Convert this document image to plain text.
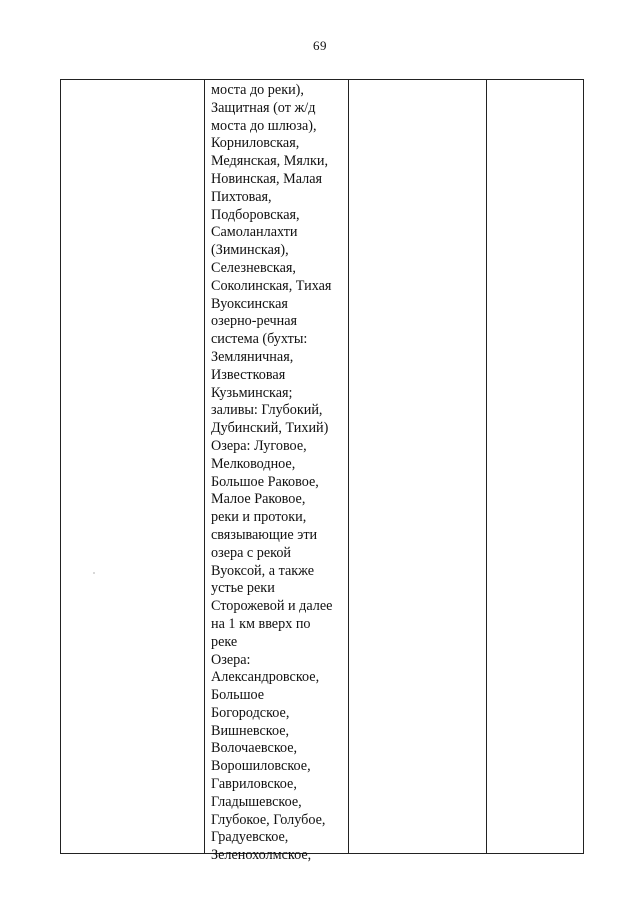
69
моста до реки),
Защитная (от ж/д
моста до шлюза),
Корниловская,
Медянская, Мялки,
Новинская, Малая
Пихтовая,
Подборовская,
Самоланлахти
(Зиминская),
Селезневская,
Соколинская, Тихая
Вуоксинская
озерно-речная
система (бухты:
Земляничная,
Известковая
Кузьминская;
заливы: Глубокий,
Дубинский, Тихий)
Озера: Луговое,
Мелководное,
Большое Раковое,
Малое Раковое,
реки и протоки,
связывающие эти
озера с рекой
Вуоксой, а также
устье реки
Сторожевой и далее
на 1 км вверх по
реке
Озера:
Александровское,
Большое
Богородское,
Вишневское,
Волочаевское,
Ворошиловское,
Гавриловское,
Гладышевское,
Глубокое, Голубое,
Градуевское,
Зеленохолмское,
